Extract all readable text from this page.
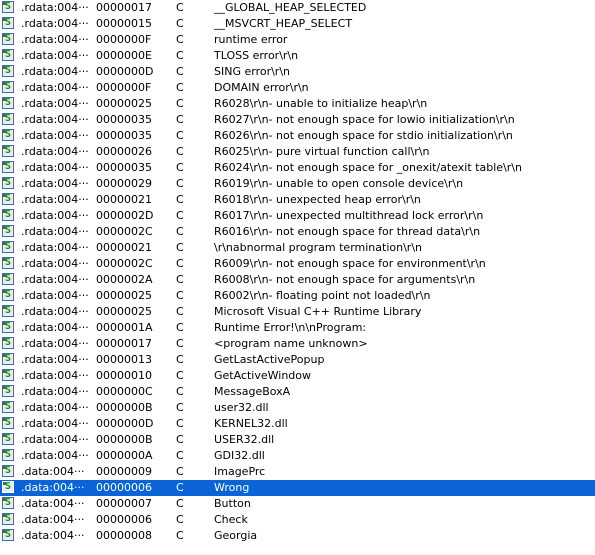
S .rdata:004··· 00000017 C	__GLOBAL_HEAP_SELECTED
S .rdata:004··· 00000015 C	__MSVCRT_HEAP_SELECT
S .rdata:004··· 0000000F C	runtime error
S .rdata:004··· 0000000E C	TLOSS error\r\n
S .rdata:004··· 0000000D C	SING error\r\n
S .rdata:004··· 0000000F C	DOMAIN error\r\n
S .rdata:004··· 00000025 C	R6028\r\n- unable to initialize heap\r\n
S .rdata:004··· 00000035 C	R6027\r\n- not enough space for lowio initialization\r\n
S .rdata:004··· 00000035 C	R6026\r\n- not enough space for stdio initialization\r\n
S .rdata:004··· 00000026 C	R6025\r\n- pure virtual function call\r\n
S .rdata:004··· 00000035 C	R6024\r\n- not enough space for _onexit/atexit table\r\n
S .rdata:004··· 00000029 C	R6019\r\n- unable to open console device\r\n
S .rdata:004··· 00000021 C	R6018\r\n- unexpected heap error\r\n
S .rdata:004··· 0000002D C	R6017\r\n- unexpected multithread lock error\r\n
S .rdata:004··· 0000002C C	R6016\r\n- not enough space for thread data\r\n
S .rdata:004··· 00000021 C	\r\nabnormal program termination\r\n
S .rdata:004··· 0000002C C	R6009\r\n- not enough space for environment\r\n
S .rdata:004··· 0000002A C	R6008\r\n- not enough space for arguments\r\n
S .rdata:004··· 00000025 C	R6002\r\n- floating point not loaded\r\n
S .rdata:004··· 00000025 C	Microsoft Visual C++ Runtime Library
S .rdata:004··· 0000001A C	Runtime Error!\n\nProgram:
S .rdata:004··· 00000017 C	<program name unknown>
S .rdata:004··· 00000013 C	GetLastActivePopup
S .rdata:004··· 00000010 C	GetActiveWindow
S .rdata:004··· 0000000C C	MessageBoxA
S .rdata:004··· 0000000B C	user32.dll
S .rdata:004··· 0000000D C	KERNEL32.dll
S .rdata:004··· 0000000B C	USER32.dll
S .rdata:004··· 0000000A C	GDI32.dll
S .data:004··· 00000009 C	ImagePrc
S .data:004··· 00000006 C	Wrong
S .data:004··· 00000007 C	Button
S .data:004··· 00000006 C	Check
S .data:004··· 00000008 C	Georgia
